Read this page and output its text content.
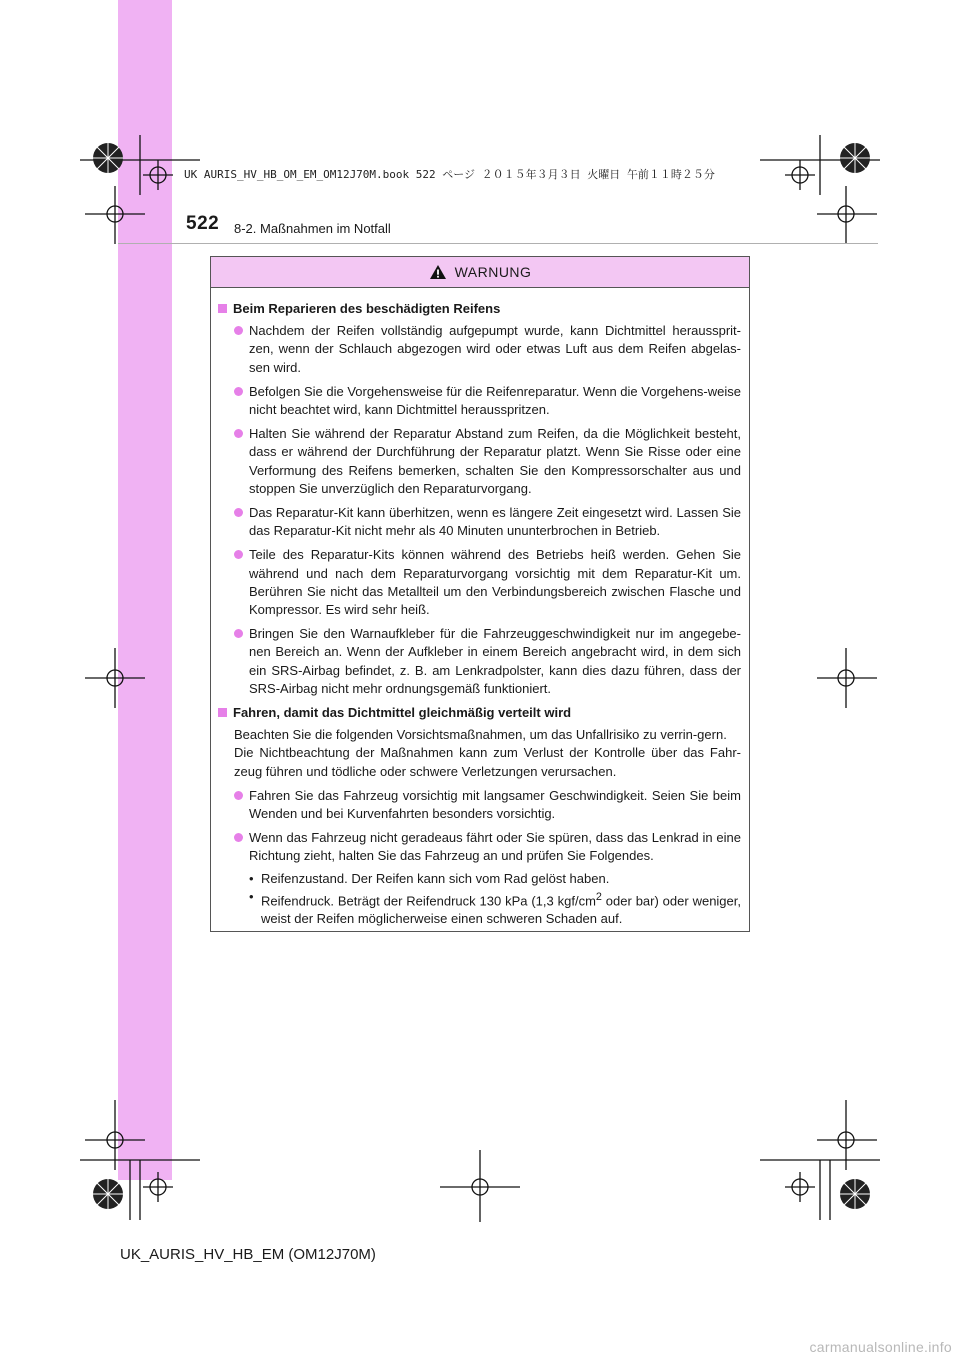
UK AURIS_HV_HB_OM_EM_OM12J70M.book 522 ページ ２０１５年３月３日 火曜日 午前１１時２５分
522 8-2. Maßnahmen im Notfall
WARNUNG
Beim Reparieren des beschädigten Reifens
Nachdem der Reifen vollständig aufgepumpt wurde, kann Dichtmittel heraussprit-zen, wenn der Schlauch abgezogen wird oder etwas Luft aus dem Reifen abgelas-sen wird.
Befolgen Sie die Vorgehensweise für die Reifenreparatur. Wenn die Vorgehens-weise nicht beachtet wird, kann Dichtmittel herausspritzen.
Halten Sie während der Reparatur Abstand zum Reifen, da die Möglichkeit besteht, dass er während der Durchführung der Reparatur platzt. Wenn Sie Risse oder eine Verformung des Reifens bemerken, schalten Sie den Kompressorschalter aus und stoppen Sie unverzüglich den Reparaturvorgang.
Das Reparatur-Kit kann überhitzen, wenn es längere Zeit eingesetzt wird. Lassen Sie das Reparatur-Kit nicht mehr als 40 Minuten ununterbrochen in Betrieb.
Teile des Reparatur-Kits können während des Betriebs heiß werden. Gehen Sie während und nach dem Reparaturvorgang vorsichtig mit dem Reparatur-Kit um. Berühren Sie nicht das Metallteil um den Verbindungsbereich zwischen Flasche und Kompressor. Es wird sehr heiß.
Bringen Sie den Warnaufkleber für die Fahrzeuggeschwindigkeit nur im angegebe-nen Bereich an. Wenn der Aufkleber in einem Bereich angebracht wird, in dem sich ein SRS-Airbag befindet, z. B. am Lenkradpolster, kann dies dazu führen, dass der SRS-Airbag nicht mehr ordnungsgemäß funktioniert.
Fahren, damit das Dichtmittel gleichmäßig verteilt wird
Beachten Sie die folgenden Vorsichtsmaßnahmen, um das Unfallrisiko zu verrin-gern.
Die Nichtbeachtung der Maßnahmen kann zum Verlust der Kontrolle über das Fahr-zeug führen und tödliche oder schwere Verletzungen verursachen.
Fahren Sie das Fahrzeug vorsichtig mit langsamer Geschwindigkeit. Seien Sie beim Wenden und bei Kurvenfahrten besonders vorsichtig.
Wenn das Fahrzeug nicht geradeaus fährt oder Sie spüren, dass das Lenkrad in eine Richtung zieht, halten Sie das Fahrzeug an und prüfen Sie Folgendes.
• Reifenzustand. Der Reifen kann sich vom Rad gelöst haben.
• Reifendruck. Beträgt der Reifendruck 130 kPa (1,3 kgf/$cm^2$ oder bar) oder weniger, weist der Reifen möglicherweise einen schweren Schaden auf.
UK_AURIS_HV_HB_EM (OM12J70M)
carmanualsonline.info
